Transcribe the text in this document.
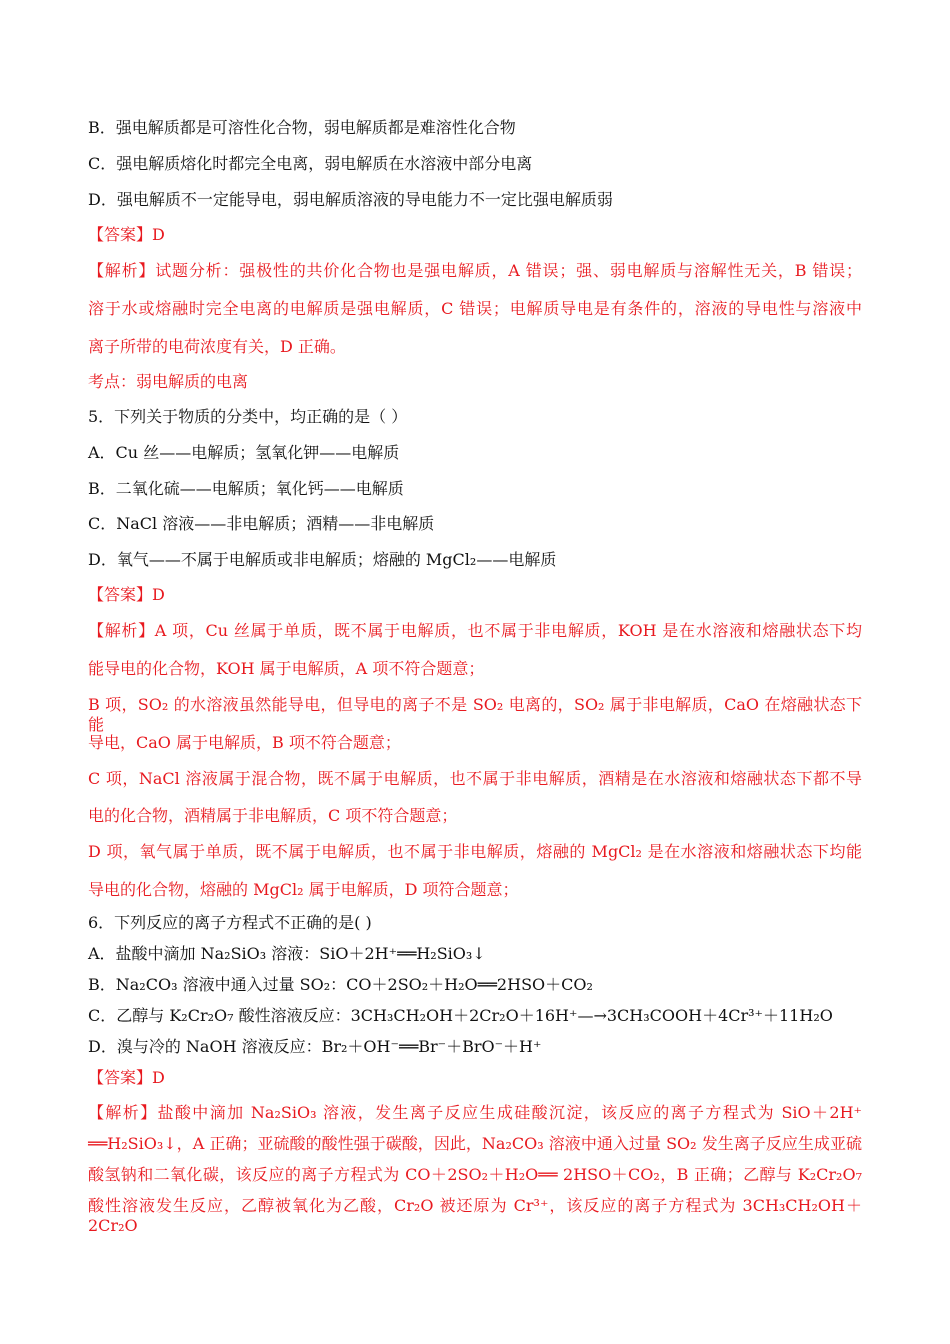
B．强电解质都是可溶性化合物，弱电解质都是难溶性化合物
C．强电解质熔化时都完全电离，弱电解质在水溶液中部分电离
D．强电解质不一定能导电，弱电解质溶液的导电能力不一定比强电解质弱
【答案】D
【解析】试题分析：强极性的共价化合物也是强电解质，A 错误；强、弱电解质与溶解性无关，B 错误；
溶于水或熔融时完全电离的电解质是强电解质，C 错误；电解质导电是有条件的，溶液的导电性与溶液中
离子所带的电荷浓度有关，D 正确。
考点：弱电解质的电离
5．下列关于物质的分类中，均正确的是（ ）
A．Cu 丝——电解质；氢氧化钾——电解质
B．二氧化硫——电解质；氧化钙——电解质
C．NaCl 溶液——非电解质；酒精——非电解质
D．氧气——不属于电解质或非电解质；熔融的 MgCl₂——电解质
【答案】D
【解析】A 项，Cu 丝属于单质，既不属于电解质，也不属于非电解质，KOH 是在水溶液和熔融状态下均
能导电的化合物，KOH 属于电解质，A 项不符合题意；
B 项，SO₂ 的水溶液虽然能导电，但导电的离子不是 SO₂ 电离的，SO₂ 属于非电解质，CaO 在熔融状态下能
导电，CaO 属于电解质，B 项不符合题意；
C 项，NaCl 溶液属于混合物，既不属于电解质，也不属于非电解质，酒精是在水溶液和熔融状态下都不导
电的化合物，酒精属于非电解质，C 项不符合题意；
D 项，氧气属于单质，既不属于电解质，也不属于非电解质，熔融的 MgCl₂ 是在水溶液和熔融状态下均能
导电的化合物，熔融的 MgCl₂ 属于电解质，D 项符合题意；
6．下列反应的离子方程式不正确的是( )
A．盐酸中滴加 Na₂SiO₃ 溶液：SiO＋2H⁺══H₂SiO₃↓
B．Na₂CO₃ 溶液中通入过量 SO₂：CO＋2SO₂＋H₂O══2HSO＋CO₂
C．乙醇与 K₂Cr₂O₇ 酸性溶液反应：3CH₃CH₂OH＋2Cr₂O＋16H⁺—→3CH₃COOH＋4Cr³⁺＋11H₂O
D．溴与冷的 NaOH 溶液反应：Br₂＋OH⁻══Br⁻＋BrO⁻＋H⁺
【答案】D
【解析】盐酸中滴加 Na₂SiO₃ 溶液，发生离子反应生成硅酸沉淀，该反应的离子方程式为 SiO＋2H⁺
══H₂SiO₃↓，A 正确；亚硫酸的酸性强于碳酸，因此，Na₂CO₃ 溶液中通入过量 SO₂ 发生离子反应生成亚硫
酸氢钠和二氧化碳，该反应的离子方程式为 CO＋2SO₂＋H₂O══ 2HSO＋CO₂，B 正确；乙醇与 K₂Cr₂O₇
酸性溶液发生反应，乙醇被氧化为乙酸，Cr₂O 被还原为 Cr³⁺，该反应的离子方程式为 3CH₃CH₂OH＋2Cr₂O
